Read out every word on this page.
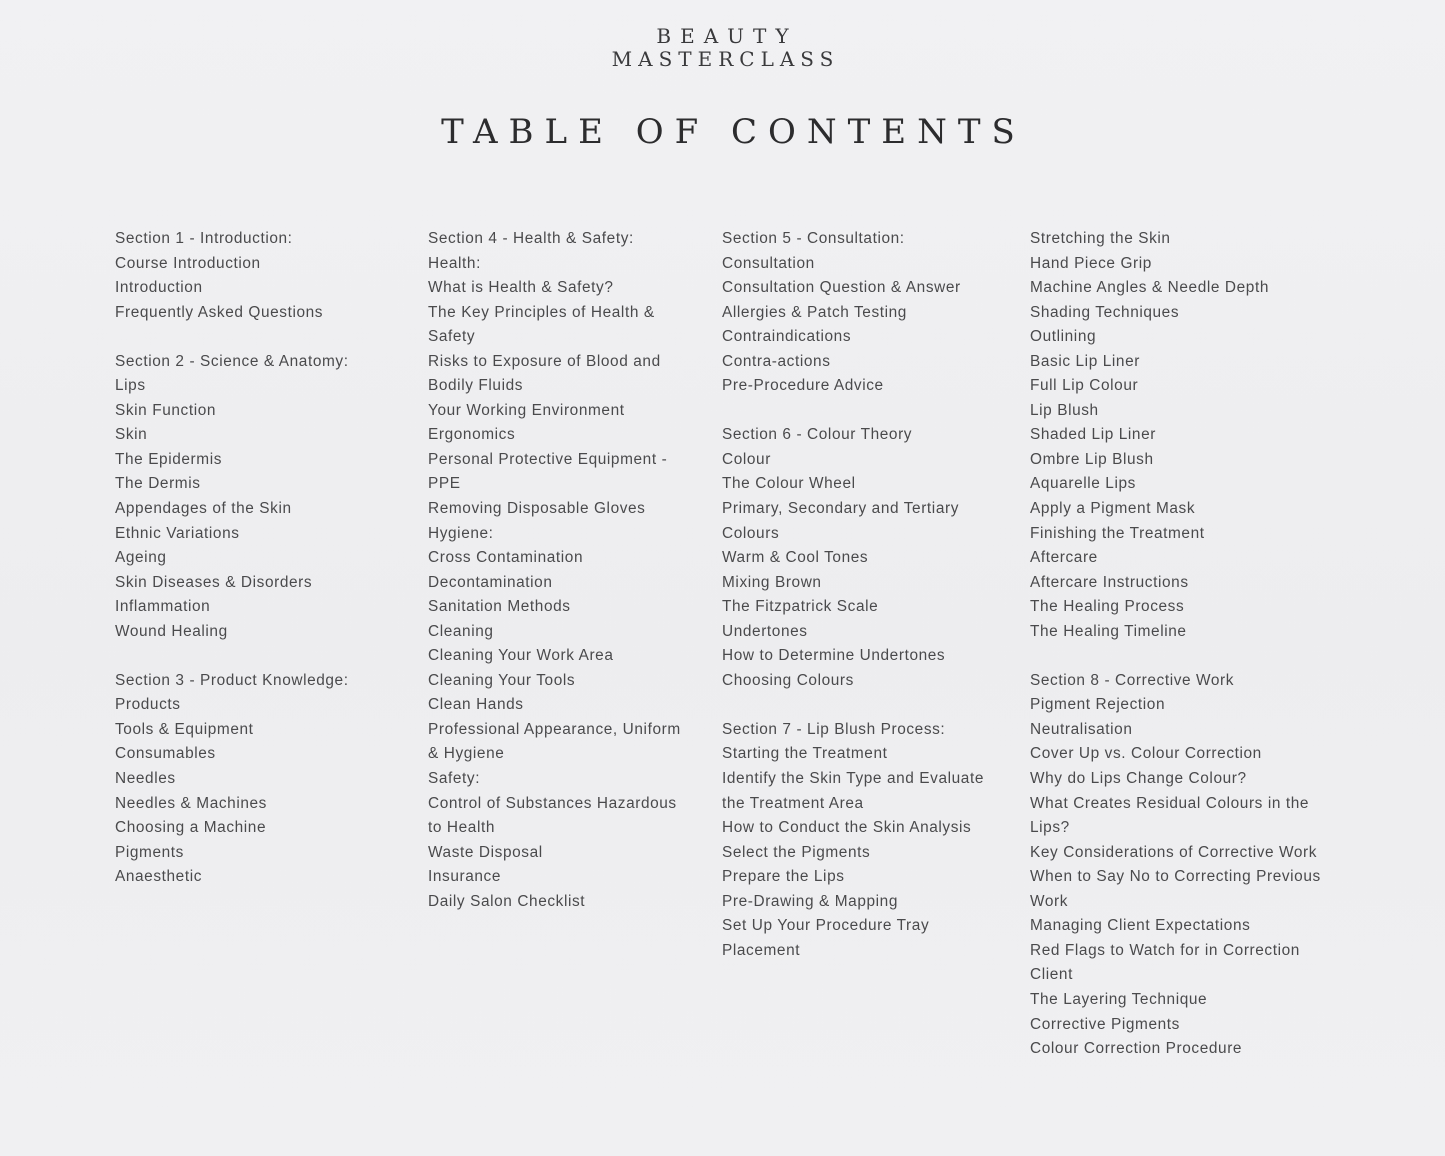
BEAUTY
MASTERCLASS
TABLE OF CONTENTS
Section 1 - Introduction:
Course Introduction
Introduction
Frequently Asked Questions
Section 2 - Science & Anatomy:
Lips
Skin Function
Skin
The Epidermis
The Dermis
Appendages of the Skin
Ethnic Variations
Ageing
Skin Diseases & Disorders
Inflammation
Wound Healing
Section 3 - Product Knowledge:
Products
Tools & Equipment
Consumables
Needles
Needles & Machines
Choosing a Machine
Pigments
Anaesthetic
Section 4 - Health & Safety:
Health:
What is Health & Safety?
The Key Principles of Health &
Safety
Risks to Exposure of Blood and
Bodily Fluids
Your Working Environment
Ergonomics
Personal Protective Equipment -
PPE
Removing Disposable Gloves
Hygiene:
Cross Contamination
Decontamination
Sanitation Methods
Cleaning
Cleaning Your Work Area
Cleaning Your Tools
Clean Hands
Professional Appearance, Uniform
& Hygiene
Safety:
Control of Substances Hazardous
to Health
Waste Disposal
Insurance
Daily Salon Checklist
Section 5 - Consultation:
Consultation
Consultation Question & Answer
Allergies & Patch Testing
Contraindications
Contra-actions
Pre-Procedure Advice
Section 6 - Colour Theory
Colour
The Colour Wheel
Primary, Secondary and Tertiary
Colours
Warm & Cool Tones
Mixing Brown
The Fitzpatrick Scale
Undertones
How to Determine Undertones
Choosing Colours
Section 7 - Lip Blush Process:
Starting the Treatment
Identify the Skin Type and Evaluate
the Treatment Area
How to Conduct the Skin Analysis
Select the Pigments
Prepare the Lips
Pre-Drawing & Mapping
Set Up Your Procedure Tray
Placement
Stretching the Skin
Hand Piece Grip
Machine Angles & Needle Depth
Shading Techniques
Outlining
Basic Lip Liner
Full Lip Colour
Lip Blush
Shaded Lip Liner
Ombre Lip Blush
Aquarelle Lips
Apply a Pigment Mask
Finishing the Treatment
Aftercare
Aftercare Instructions
The Healing Process
The Healing Timeline
Section 8 - Corrective Work
Pigment Rejection
Neutralisation
Cover Up vs. Colour Correction
Why do Lips Change Colour?
What Creates Residual Colours in the
Lips?
Key Considerations of Corrective Work
When to Say No to Correcting Previous
Work
Managing Client Expectations
Red Flags to Watch for in Correction
Client
The Layering Technique
Corrective Pigments
Colour Correction Procedure
